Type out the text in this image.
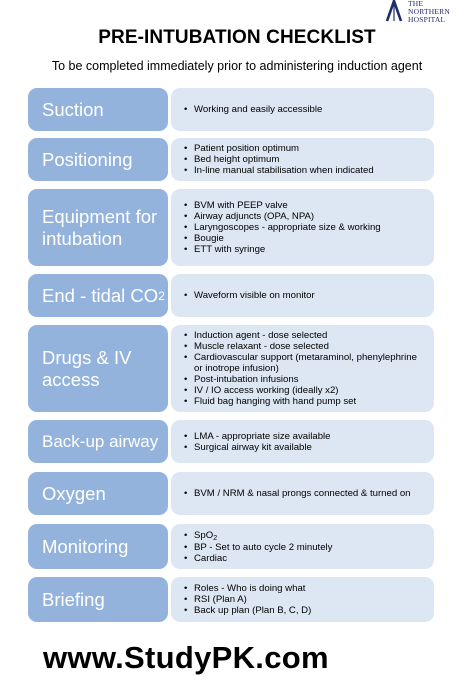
THE
NORTHERN
HOSPITAL
PRE-INTUBATION CHECKLIST
To be completed immediately prior to administering induction agent
Suction	• Working and easily accessible
Positioning	• Patient position optimum
• Bed height optimum
• In-line manual stabilisation when indicated
Equipment for
intubation
• BVM with PEEP valve
• Airway adjuncts (OPA, NPA)
• Laryngoscopes - appropriate size & working
• Bougie
• ETT with syringe
End - tidal CO 2	• Waveform visible on monitor
Drugs & IV
access
• Induction agent - dose selected
• Muscle relaxant - dose selected
• Cardiovascular support (metaraminol, phenylephrine
or inotrope infusion)
• Post-intubation infusions
• IV / IO access working (ideally x2)
• Fluid bag hanging with hand pump set
Back-up airway	• LMA - appropriate size available
• Surgical airway kit available
Oxygen	• BVM / NRM & nasal prongs connected & turned on
Monitoring
• SpO$_2$
• BP - Set to auto cycle 2 minutely
• Cardiac
Briefing	• Roles - Who is doing what
• RSI (Plan A)
• Back up plan (Plan B, C, D)
www.StudyPK.com
